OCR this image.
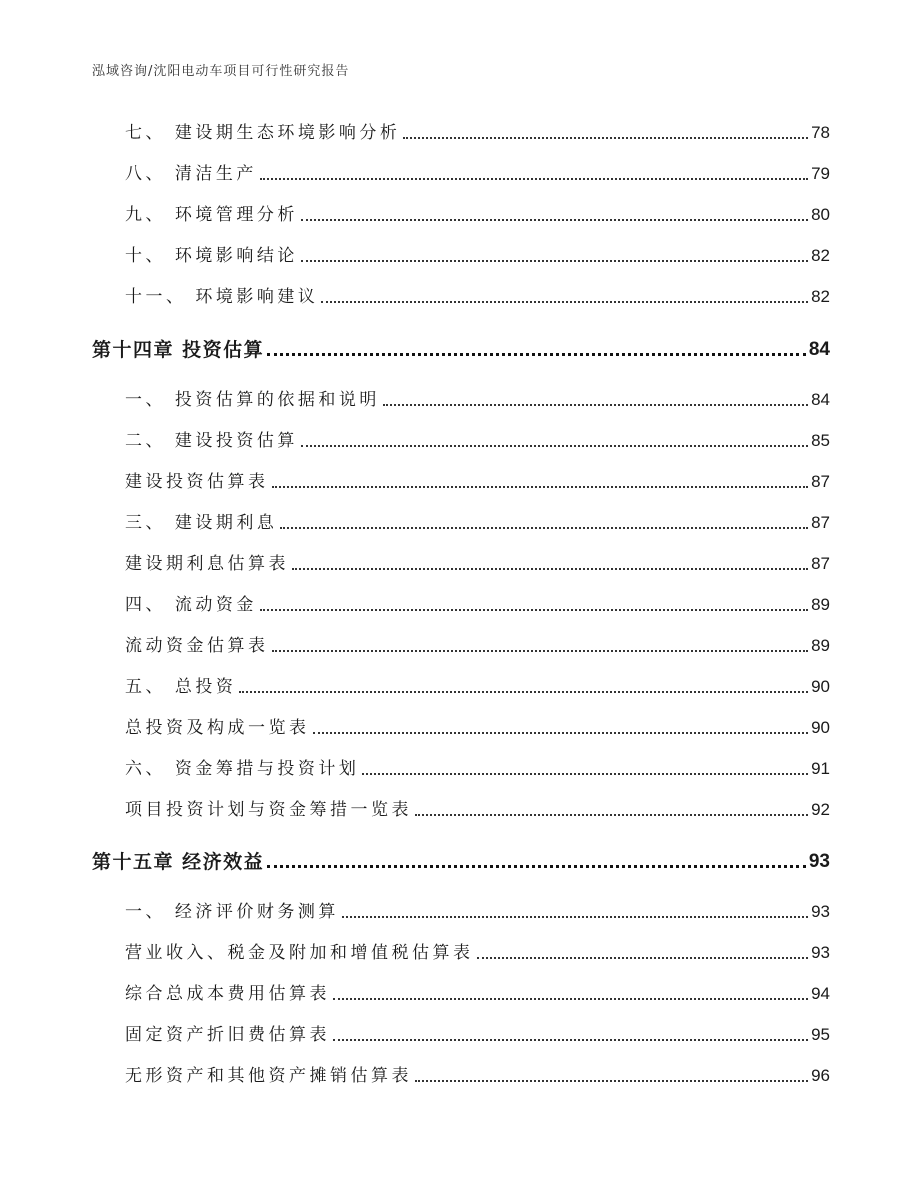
泓域咨询/沈阳电动车项目可行性研究报告
七、 建设期生态环境影响分析	78
八、 清洁生产	79
九、 环境管理分析	80
十、 环境影响结论	82
十一、 环境影响建议	82
第十四章 投资估算	84
一、 投资估算的依据和说明	84
二、 建设投资估算	85
建设投资估算表	87
三、 建设期利息	87
建设期利息估算表	87
四、 流动资金	89
流动资金估算表	89
五、 总投资	90
总投资及构成一览表	90
六、 资金筹措与投资计划	91
项目投资计划与资金筹措一览表	92
第十五章 经济效益	93
一、 经济评价财务测算	93
营业收入、税金及附加和增值税估算表	93
综合总成本费用估算表	94
固定资产折旧费估算表	95
无形资产和其他资产摊销估算表	96
